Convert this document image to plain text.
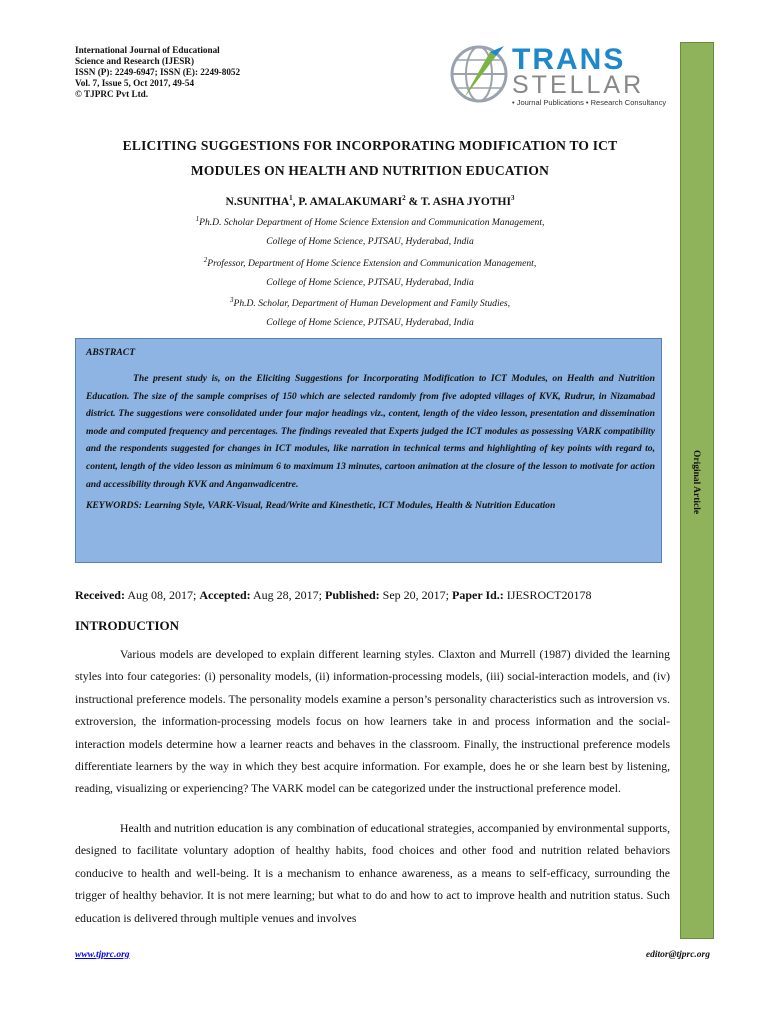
International Journal of Educational
Science and Research (IJESR)
ISSN (P): 2249-6947; ISSN (E): 2249-8052
Vol. 7, Issue 5, Oct 2017, 49-54
© TJPRC Pvt Ltd.
TRANS
STELLAR
• Journal Publications • Research Consultancy
Original Article
ELICITING SUGGESTIONS FOR INCORPORATING MODIFICATION TO ICT
MODULES ON HEALTH AND NUTRITION EDUCATION
N.SUNITHA$^1$, P. AMALAKUMARI$^2$ & T. ASHA JYOTHI$^3$
$^1$Ph.D. Scholar Department of Home Science Extension and Communication Management,
College of Home Science, PJTSAU, Hyderabad, India
$^2$Professor, Department of Home Science Extension and Communication Management,
College of Home Science, PJTSAU, Hyderabad, India
$^3$Ph.D. Scholar, Department of Human Development and Family Studies,
College of Home Science, PJTSAU, Hyderabad, India
ABSTRACT
The present study is, on the Eliciting Suggestions for Incorporating Modification to ICT Modules, on Health and Nutrition Education. The size of the sample comprises of 150 which are selected randomly from five adopted villages of KVK, Rudrur, in Nizamabad district. The suggestions were consolidated under four major headings viz., content, length of the video lesson, presentation and dissemination mode and computed frequency and percentages. The findings revealed that Experts judged the ICT modules as possessing VARK compatibility and the respondents suggested for changes in ICT modules, like narration in technical terms and highlighting of key points with regard to, content, length of the video lesson as minimum 6 to maximum 13 minutes, cartoon animation at the closure of the lesson to motivate for action and accessibility through KVK and Anganwadicentre.
KEYWORDS: Learning Style, VARK-Visual, Read/Write and Kinesthetic, ICT Modules, Health & Nutrition Education
Received: Aug 08, 2017; Accepted: Aug 28, 2017; Published: Sep 20, 2017; Paper Id.: IJESROCT20178
INTRODUCTION
Various models are developed to explain different learning styles. Claxton and Murrell (1987) divided the learning styles into four categories: (i) personality models, (ii) information-processing models, (iii) social-interaction models, and (iv) instructional preference models. The personality models examine a person’s personality characteristics such as introversion vs. extroversion, the information-processing models focus on how learners take in and process information and the social-interaction models determine how a learner reacts and behaves in the classroom. Finally, the instructional preference models differentiate learners by the way in which they best acquire information. For example, does he or she learn best by listening, reading, visualizing or experiencing? The VARK model can be categorized under the instructional preference model.
Health and nutrition education is any combination of educational strategies, accompanied by environmental supports, designed to facilitate voluntary adoption of healthy habits, food choices and other food and nutrition related behaviors conducive to health and well-being. It is a mechanism to enhance awareness, as a means to self-efficacy, surrounding the trigger of healthy behavior. It is not mere learning; but what to do and how to act to improve health and nutrition status. Such education is delivered through multiple venues and involves
www.tjprc.org	editor@tjprc.org
